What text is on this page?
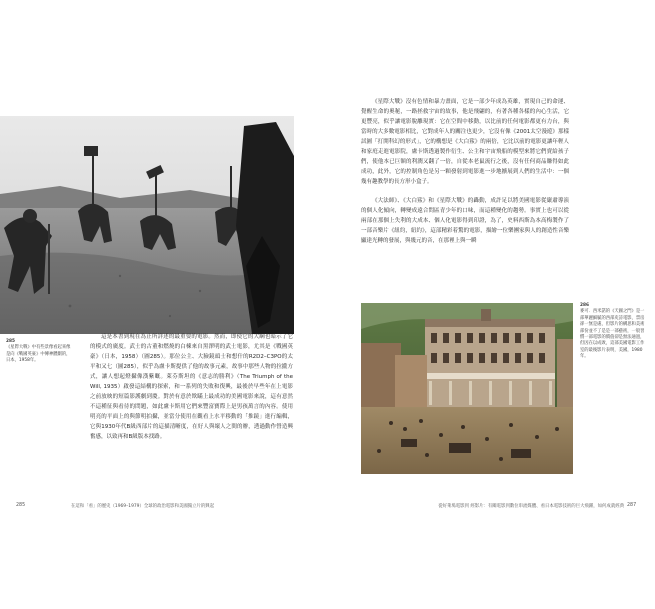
285
《星際大戰》中有些景像看起來像是向《戰國英豪》中傳神體劇的，日本，1958年。

這是本書到現在為止所詳述的最重要的電影。然而，即使它的大綱也暗示了它的模式的廣度。武士的古董和燃燒的白棟來自黑澤明的武士電影，尤其是《戰國英豪》（日本，1958）（圖285）。那位公主、大臉鏡頭士和想什的R2D2–C3PO的太平和又七（圖285），似乎為盧卡斯提供了他的故事元素，故事中那些人物的拉攏方式，讓人想起燈攝像漢紫嘅。萊芬斯坦的《意志的勝利》（The Triumph of the Will, 1935）啟發這結構的探索，和一系列的失敗和復興，最後於早些年在上電影之前放映的短篇影護劇到慶。對於有意於欺瞞上最成功的美國電影來說，這有意然不這種征與看待的問題，如此盧卡斯用它們來豐富寶際上是男孩萬言的內容。使用明亮的平面上的與節明拍攝，並當分使用在觀看上水平移動的「推鏡」進行編輯，它與1930年代B級西部片的這描清晰度，在好人與壞人之間的辦，透過動作營造興奮感，以致再和B級版本找路。

285	在這和「看」的歷史（1969–1979）全球的政治電影和美國獨立片的興起

《星際大戰》沒有色情和暴力畫面，它是一部少年成為英雄，實現自己的命運、覺醒生命的奧秘，一路拯救宇宙的故事，他是飛翩的，有著各種各樣的內心生活，它更豐亮，似乎讓電影脫離現實：它在空間中移動，以比前的任何電影都更有力台，與當時的大多數電影相比，它對成年人的關注也更少，它沒有像《2001太空漫遊》那樣試圖「打開科幻的形式」，它的構想是《大白鯊》的兩倍，它比以前的電影更讓年輕人和家庭走進電影院，盧卡斯透過製作衍生、公主和宇宙飛船的模型來將它們賣給孩子們，使他本已巨額的利潤又翻了一倍，自從本老鼠流行之後，沒有任何商品賺得如此成功，此外，它的控制角色是另一顆發射到電影進一步地擴展到人們的生活中：一個幾有趣教學的長方形小盒子。

《大法師》、《大白鯊》和《星際大戰》的轟動，成許足以將美國電影從嚴肅導演的個人化傾向，轉變成遠合問區青少年的口味，而這種變化的趨勢。事實上也可以從兩部在那個上失利的大成本、個人化電影得到印證，為了，史料西斯為本高梅製作了一部音樂片《紐約，紐約》，這部精彩着驚的電影，描繪一位樂團家與人的創造性音樂顯達光轉的發展，與幾元的音，在那裡上與一瞬

286
麥可．西米諾的《天國之門》是一部華麗細膩的西部史詩電影，票房卻一無是處，但影片的構思和美術部份並不了是是一部藝術，一般習慣一部電影的價值卻是無法通過，但因在以成敗，這部美國電影工作室的最後影片表明，美國，1980年。
從好萊塢電影到 經影片：有關電影到數位串流媒體、看日本電影技術的巨大飛躍，如何成就經典 287
